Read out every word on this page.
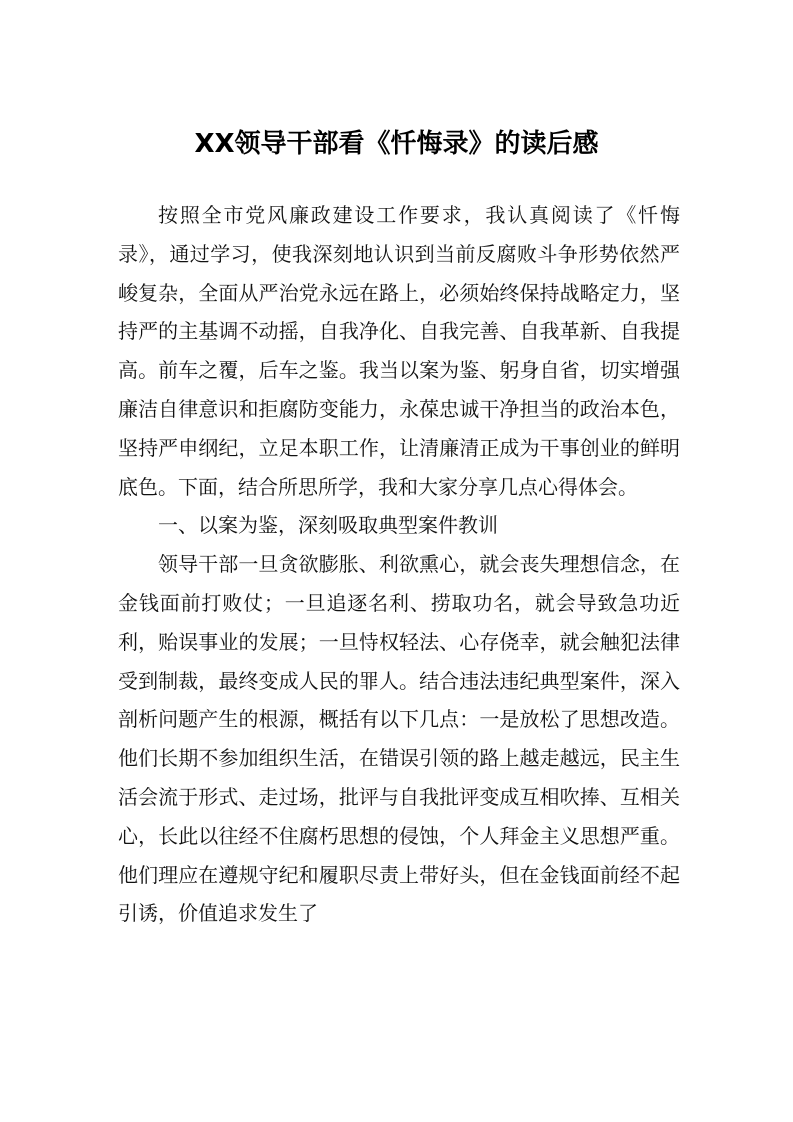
XX领导干部看《忏悔录》的读后感

按照全市党风廉政建设工作要求，我认真阅读了《忏悔录》，通过学习，使我深刻地认识到当前反腐败斗争形势依然严峻复杂，全面从严治党永远在路上，必须始终保持战略定力，坚持严的主基调不动摇，自我净化、自我完善、自我革新、自我提高。前车之覆，后车之鉴。我当以案为鉴、躬身自省，切实增强廉洁自律意识和拒腐防变能力，永葆忠诚干净担当的政治本色，坚持严申纲纪，立足本职工作，让清廉清正成为干事创业的鲜明底色。下面，结合所思所学，我和大家分享几点心得体会。

一、以案为鉴，深刻吸取典型案件教训

领导干部一旦贪欲膨胀、利欲熏心，就会丧失理想信念，在金钱面前打败仗；一旦追逐名利、捞取功名，就会导致急功近利，贻误事业的发展；一旦恃权轻法、心存侥幸，就会触犯法律受到制裁，最终变成人民的罪人。结合违法违纪典型案件，深入剖析问题产生的根源，概括有以下几点：一是放松了思想改造。他们长期不参加组织生活，在错误引领的路上越走越远，民主生活会流于形式、走过场，批评与自我批评变成互相吹捧、互相关心，长此以往经不住腐朽思想的侵蚀，个人拜金主义思想严重。他们理应在遵规守纪和履职尽责上带好头，但在金钱面前经不起引诱，价值追求发生了
